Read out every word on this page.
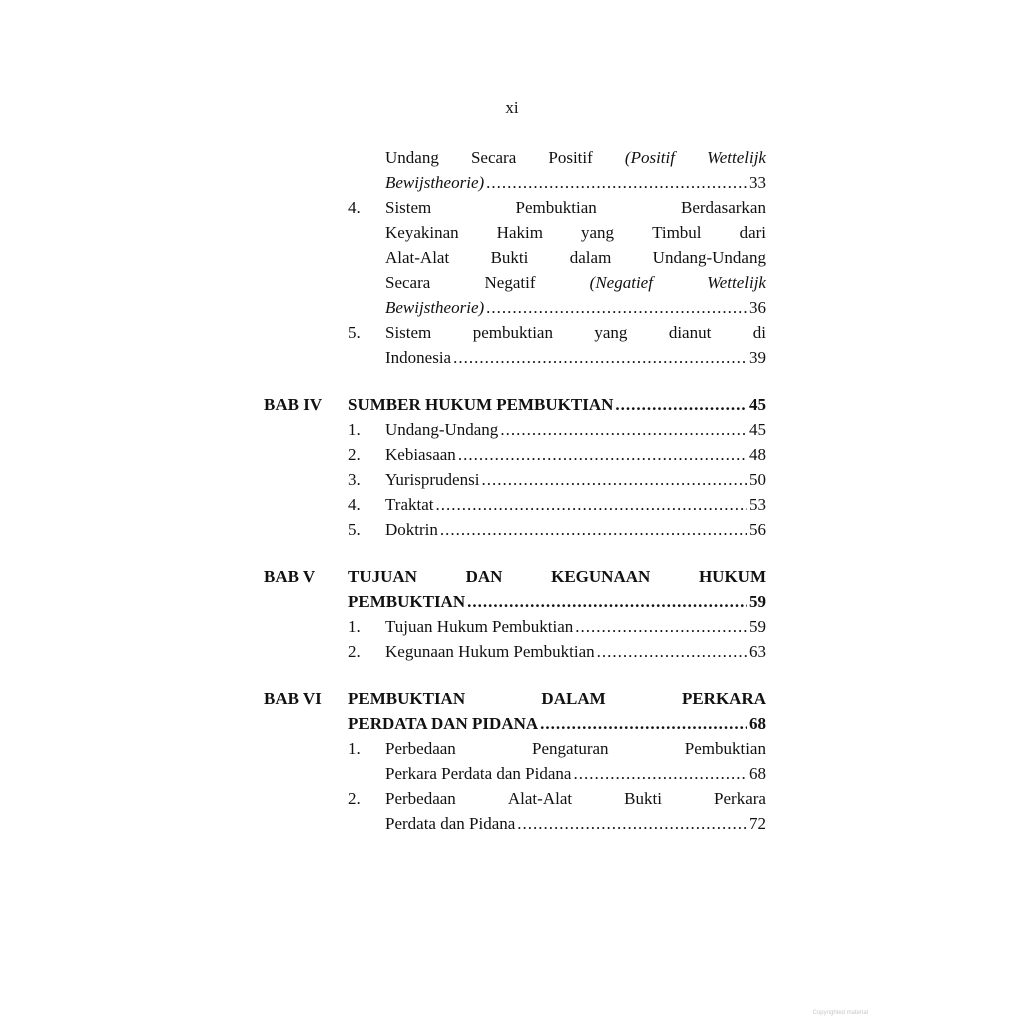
xi
Undang Secara Positif (Positif Wettelijk
Bewijstheorie) .....	33
4. Sistem	Pembuktian	Berdasarkan
Keyakinan Hakim yang Timbul dari
Alat-Alat Bukti dalam Undang-Undang
Secara	Negatif	(Negatief	Wettelijk
Bewijstheorie) .....	36
5. Sistem pembuktian yang dianut di
Indonesia .....	39
BAB IV SUMBER HUKUM PEMBUKTIAN .....	45
1. Undang-Undang .....	45
2. Kebiasaan .....	48
3. Yurisprudensi .....	50
4. Traktat .....	53
5. Doktrin .....	56
BAB V TUJUAN	DAN	KEGUNAAN	HUKUM
PEMBUKTIAN .....	59
1. Tujuan Hukum Pembuktian .....	59
2. Kegunaan Hukum Pembuktian .....	63
BAB VI PEMBUKTIAN	DALAM	PERKARA
PERDATA DAN PIDANA .....	68
1. Perbedaan	Pengaturan	Pembuktian
Perkara Perdata dan Pidana .....	68
2. Perbedaan	Alat-Alat	Bukti	Perkara
Perdata dan Pidana .....	72
Copyrighted material
